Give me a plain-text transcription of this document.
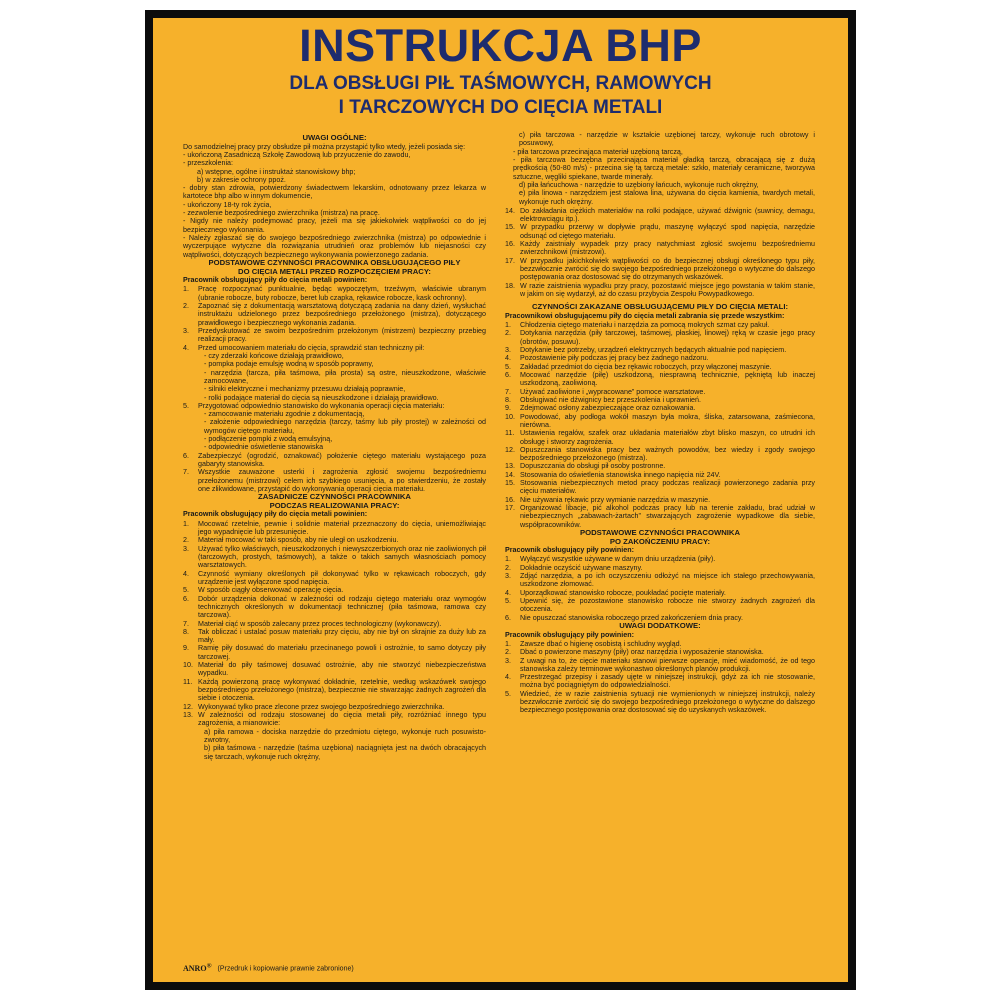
INSTRUKCJA BHP
DLA OBSŁUGI PIŁ TAŚMOWYCH, RAMOWYCH
I TARCZOWYCH DO CIĘCIA METALI

UWAGI OGÓLNE:

Do samodzielnej pracy przy obsłudze pił można przystąpić tylko wtedy, jeżeli posiada się:

- ukończoną Zasadniczą Szkołę Zawodową lub przyuczenie do zawodu,

- przeszkolenia:

a) wstępne, ogólne i instruktaż stanowiskowy bhp;

b) w zakresie ochrony ppoż.

- dobry stan zdrowia, potwierdzony świadectwem lekarskim, odnotowany przez lekarza w kartotece bhp albo w innym dokumencie,

- ukończony 18-ty rok życia,

- zezwolenie bezpośredniego zwierzchnika (mistrza) na pracę.

- Nigdy nie należy podejmować pracy, jeżeli ma się jakiekolwiek wątpliwości co do jej bezpiecznego wykonania.

- Należy zgłaszać się do swojego bezpośredniego zwierzchnika (mistrza) po odpowiednie i wyczerpujące wytyczne dla rozwiązania utrudnień oraz problemów lub niejasności czy wątpliwości, dotyczących bezpiecznego wykonywania powierzonego zadania.

PODSTAWOWE CZYNNOŚCI PRACOWNIKA OBSŁUGUJĄCEGO PIŁY

DO CIĘCIA METALI PRZED ROZPOCZĘCIEM PRACY:

Pracownik obsługujący piły do cięcia metali powinien:

1. Pracę rozpoczynać punktualnie, będąc wypoczętym, trzeźwym, właściwie ubranym (ubranie robocze, buty robocze, beret lub czapka, rękawice robocze, kask ochronny).
2. Zapoznać się z dokumentacją warsztatową dotyczącą zadania na dany dzień, wysłuchać instruktażu udzielonego przez bezpośredniego przełożonego (mistrza), dotyczącego prawidłowego i bezpiecznego wykonania zadania.
3. Przedyskutować ze swoim bezpośrednim przełożonym (mistrzem) bezpieczny przebieg realizacji pracy.
4. Przed umocowaniem materiału do cięcia, sprawdzić stan techniczny pił:
- czy zderzaki końcowe działają prawidłowo,
- pompka podaje emulsję wodną w sposób poprawny,
- narzędzia (tarcza, piła taśmowa, piła prosta) są ostre, nieuszkodzone, właściwie zamocowane,
- silniki elektryczne i mechanizmy przesuwu działają poprawnie,
- rolki podające materiał do cięcia są nieuszkodzone i działają prawidłowo.
5. Przygotować odpowiednio stanowisko do wykonania operacji cięcia materiału:
- zamocowanie materiału zgodnie z dokumentacją,
- założenie odpowiedniego narzędzia (tarczy, taśmy lub piły prostej) w zależności od wymogów ciętego materiału,
- podłączenie pompki z wodą emulsyjną,
- odpowiednie oświetlenie stanowiska
6. Zabezpieczyć (ogrodzić, oznakować) położenie ciętego materiału wystającego poza gabaryty stanowiska.
7. Wszystkie zauważone usterki i zagrożenia zgłosić swojemu bezpośredniemu przełożonemu (mistrzowi) celem ich szybkiego usunięcia, a po stwierdzeniu, że zostały one zlikwidowane, przystąpić do wykonywania operacji cięcia materiału.

ZASADNICZE CZYNNOŚCI PRACOWNIKA

PODCZAS REALIZOWANIA PRACY:

Pracownik obsługujący piły do cięcia metali powinien:

1. Mocować rzetelnie, pewnie i solidnie materiał przeznaczony do cięcia, uniemożliwiając jego wypadnięcie lub przesunięcie.
2. Materiał mocować w taki sposób, aby nie uległ on uszkodzeniu.
3. Używać tylko właściwych, nieuszkodzonych i niewyszczerbionych oraz nie zaoliwionych pił (tarczowych, prostych, taśmowych), a także o takich samych własnościach pomocy warsztatowych.
4. Czynność wymiany określonych pił dokonywać tylko w rękawicach roboczych, gdy urządzenie jest wyłączone spod napięcia.
5. W sposób ciągły obserwować operację cięcia.
6. Dobór urządzenia dokonać w zależności od rodzaju ciętego materiału oraz wymogów technicznych określonych w dokumentacji technicznej (piła taśmowa, ramowa czy tarczowa).
7. Materiał ciąć w sposób zalecany przez proces technologiczny (wykonawczy).
8. Tak obliczać i ustalać posuw materiału przy cięciu, aby nie był on skrajnie za duży lub za mały.
9. Ramię piły dosuwać do materiału przecinanego powoli i ostrożnie, to samo dotyczy piły tarczowej.
10. Materiał do piły taśmowej dosuwać ostrożnie, aby nie stworzyć niebezpieczeństwa wypadku.
11. Każdą powierzoną pracę wykonywać dokładnie, rzetelnie, według wskazówek swojego bezpośredniego przełożonego (mistrza), bezpiecznie nie stwarzając żadnych zagrożeń dla siebie i otoczenia.
12. Wykonywać tylko prace zlecone przez swojego bezpośredniego zwierzchnika.
13. W zależności od rodzaju stosowanej do cięcia metali piły, rozróżniać innego typu zagrożenia, a mianowicie:
a) piła ramowa - dociska narzędzie do przedmiotu ciętego, wykonuje ruch posuwisto-zwrotny,
b) piła taśmowa - narzędzie (taśma uzębiona) naciągnięta jest na dwóch obracających się tarczach, wykonuje ruch okrężny,

c) piła tarczowa - narzędzie w kształcie uzębionej tarczy, wykonuje ruch obrotowy i posuwowy,

- piła tarczowa przecinająca materiał uzębioną tarczą,

- piła tarczowa bezzębna przecinająca materiał gładką tarczą, obracającą się z dużą prędkością (50-80 m/s) - przecina się tą tarczą metale: szkło, materiały ceramiczne, tworzywa sztuczne, węgliki spiekane, twarde minerały.

d) piła łańcuchowa - narzędzie to uzębiony łańcuch, wykonuje ruch okrężny,

e) piła linowa - narzędziem jest stalowa lina, używana do cięcia kamienia, twardych metali, wykonuje ruch okrężny.

14. Do zakładania ciężkich materiałów na rolki podające, używać dźwignic (suwnicy, demagu, elektrowciągu itp.).
15. W przypadku przerwy w dopływie prądu, maszynę wyłączyć spod napięcia, narzędzie odsunąć od ciętego materiału.
16. Każdy zaistniały wypadek przy pracy natychmiast zgłosić swojemu bezpośredniemu zwierzchnikowi (mistrzowi).
17. W przypadku jakichkolwiek wątpliwości co do bezpiecznej obsługi określonego typu piły, bezzwłocznie zwrócić się do swojego bezpośredniego przełożonego o wytyczne do dalszego postępowania oraz dostosować się do otrzymanych wskazówek.
18. W razie zaistnienia wypadku przy pracy, pozostawić miejsce jego powstania w takim stanie, w jakim on się wydarzył, aż do czasu przybycia Zespołu Powypadkowego.

CZYNNOŚCI ZAKAZANE OBSŁUGUJĄCEMU PIŁY DO CIĘCIA METALI:

Pracownikowi obsługującemu piły do cięcia metali zabrania się przede wszystkim:

1. Chłodzenia ciętego materiału i narzędzia za pomocą mokrych szmat czy pakuł.
2. Dotykania narzędzia (piły tarczowej, taśmowej, płaskiej, linowej) ręką w czasie jego pracy (obrotów, posuwu).
3. Dotykanie bez potrzeby, urządzeń elektrycznych będących aktualnie pod napięciem.
4. Pozostawienie piły podczas jej pracy bez żadnego nadzoru.
5. Zakładać przedmiot do cięcia bez rękawic roboczych, przy włączonej maszynie.
6. Mocować narzędzie (piłę) uszkodzoną, niesprawną technicznie, pękniętą lub inaczej uszkodzoną, zaoliwioną.
7. Używać zaoliwione i „wypracowane” pomoce warsztatowe.
8. Obsługiwać nie dźwignicy bez przeszkolenia i uprawnień.
9. Zdejmować osłony zabezpieczające oraz oznakowania.
10. Powodować, aby podłoga wokół maszyn była mokra, śliska, zatarsowana, zaśmiecona, nierówna.
11. Ustawienia regałów, szafek oraz układania materiałów zbyt blisko maszyn, co utrudni ich obsługę i stworzy zagrożenia.
12. Opuszczania stanowiska pracy bez ważnych powodów, bez wiedzy i zgody swojego bezpośredniego przełożonego (mistrza).
13. Dopuszczania do obsługi pił osoby postronne.
14. Stosowania do oświetlenia stanowiska innego napięcia niż 24V.
15. Stosowania niebezpiecznych metod pracy podczas realizacji powierzonego zadania przy cięciu materiałów.
16. Nie używania rękawic przy wymianie narzędzia w maszynie.
17. Organizować libacje, pić alkohol podczas pracy lub na terenie zakładu, brać udział w niebezpiecznych „zabawach-żartach” stwarzających zagrożenie wypadkowe dla siebie, współpracowników.

PODSTAWOWE CZYNNOŚCI PRACOWNIKA

PO ZAKOŃCZENIU PRACY:

Pracownik obsługujący piły powinien:

1. Wyłączyć wszystkie używane w danym dniu urządzenia (piły).
2. Dokładnie oczyścić używane maszyny.
3. Zdjąć narzędzia, a po ich oczyszczeniu odłożyć na miejsce ich stałego przechowywania, uszkodzone złomować.
4. Uporządkować stanowisko robocze, poukładać pocięte materiały.
5. Upewnić się, że pozostawione stanowisko robocze nie stworzy żadnych zagrożeń dla otoczenia.
6. Nie opuszczać stanowiska roboczego przed zakończeniem dnia pracy.

UWAGI DODATKOWE:

Pracownik obsługujący piły powinien:

1. Zawsze dbać o higienę osobistą i schludny wygląd.
2. Dbać o powierzone maszyny (piły) oraz narzędzia i wyposażenie stanowiska.
3. Z uwagi na to, że cięcie materiału stanowi pierwsze operacje, mieć wiadomość, że od tego stanowiska zależy terminowe wykonastwo określonych planów produkcji.
4. Przestrzegać przepisy i zasady ujęte w niniejszej instrukcji, gdyż za ich nie stosowanie, można być pociągniętym do odpowiedzialności.
5. Wiedzieć, że w razie zaistnienia sytuacji nie wymienionych w niniejszej instrukcji, należy bezzwłocznie zwrócić się do swojego bezpośredniego przełożonego o wytyczne do dalszego bezpiecznego postępowania oraz dostosować się do uzyskanych wskazówek.
ANRO® (Przedruk i kopiowanie prawnie zabronione)
